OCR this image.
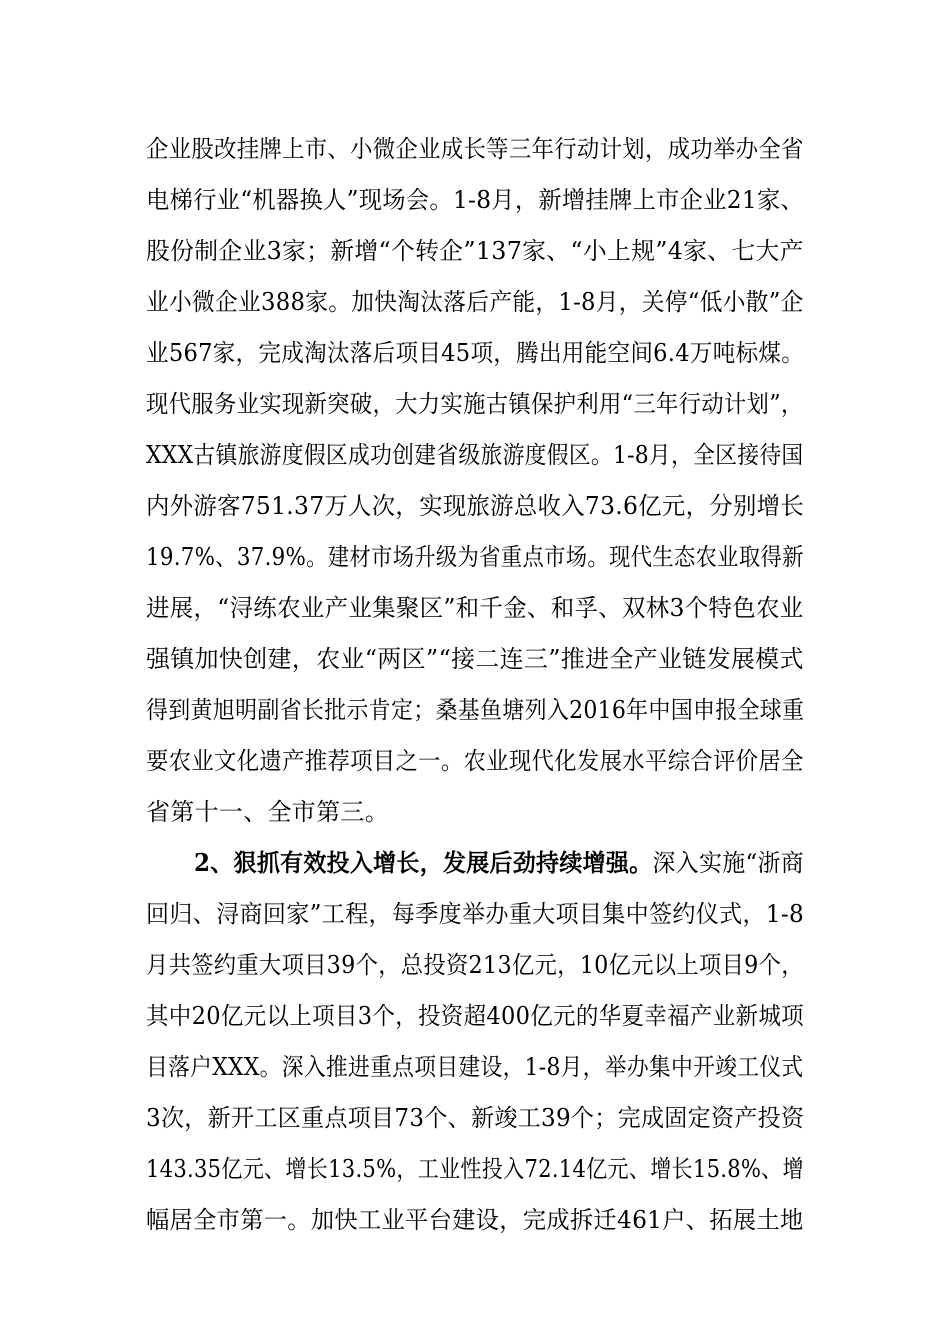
企业股改挂牌上市、小微企业成长等三年行动计划，成功举办全省
电梯行业“机器换人”现场会。1-8月，新增挂牌上市企业21家、
股份制企业3家；新增“个转企”137家、“小上规”4家、七大产
业小微企业388家。加快淘汰落后产能，1-8月，关停“低小散”企
业567家，完成淘汰落后项目45项，腾出用能空间6.4万吨标煤。
现代服务业实现新突破，大力实施古镇保护利用“三年行动计划”，
XXX古镇旅游度假区成功创建省级旅游度假区。1-8月，全区接待国
内外游客751.37万人次，实现旅游总收入73.6亿元，分别增长
19.7%、37.9%。建材市场升级为省重点市场。现代生态农业取得新
进展，“浔练农业产业集聚区”和千金、和孚、双林3个特色农业
强镇加快创建，农业“两区”“接二连三”推进全产业链发展模式
得到黄旭明副省长批示肯定；桑基鱼塘列入2016年中国申报全球重
要农业文化遗产推荐项目之一。农业现代化发展水平综合评价居全
省第十一、全市第三。
2、狠抓有效投入增长，发展后劲持续增强。深入实施“浙商
回归、浔商回家”工程，每季度举办重大项目集中签约仪式，1-8
月共签约重大项目39个，总投资213亿元，10亿元以上项目9个，
其中20亿元以上项目3个，投资超400亿元的华夏幸福产业新城项
目落户XXX。深入推进重点项目建设，1-8月，举办集中开竣工仪式
3次，新开工区重点项目73个、新竣工39个；完成固定资产投资
143.35亿元、增长13.5%，工业性投入72.14亿元、增长15.8%、增
幅居全市第一。加快工业平台建设，完成拆迁461户、拓展土地
